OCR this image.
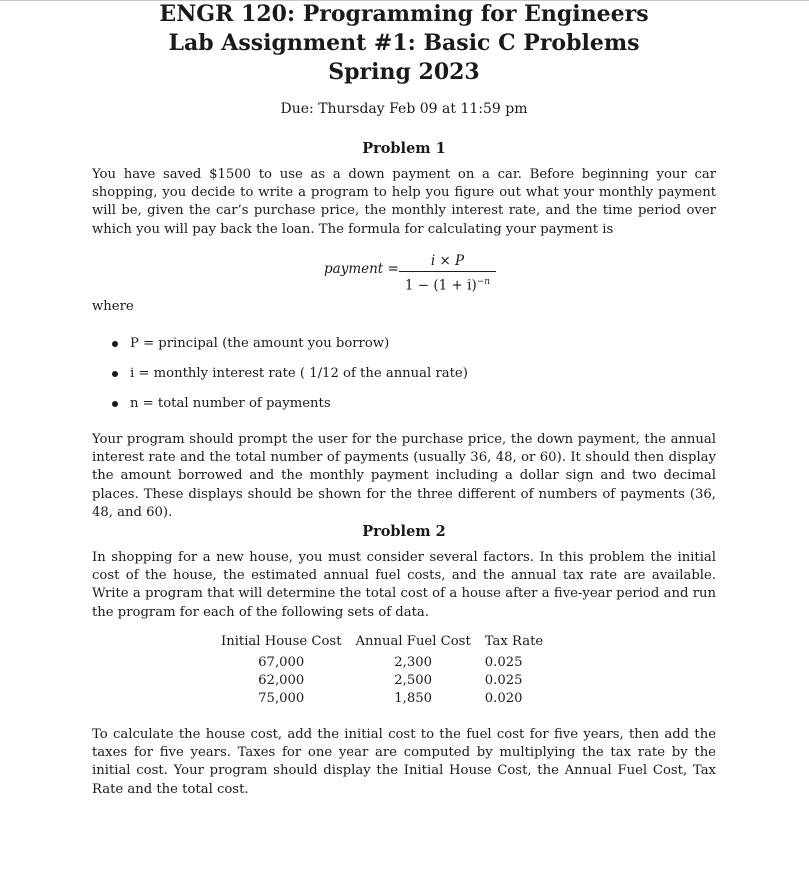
ENGR 120: Programming for Engineers

Lab Assignment #1: Basic C Problems

Spring 2023

Due: Thursday Feb 09 at 11:59 pm
Problem 1

You have saved $1500 to use as a down payment on a car. Before beginning your car shopping, you decide to write a program to help you figure out what your monthly payment will be, given the car’s purchase price, the monthly interest rate, and the time period over which you will pay back the loan. The formula for calculating your payment is

payment =	i × P
$1 - (1 + i)^{-n}$
where
P = principal (the amount you borrow)
i = monthly interest rate ( 1/12 of the annual rate)
n = total number of payments

Your program should prompt the user for the purchase price, the down payment, the annual interest rate and the total number of payments (usually 36, 48, or 60). It should then display the amount borrowed and the monthly payment including a dollar sign and two decimal places. These displays should be shown for the three different of numbers of payments (36, 48, and 60).

Problem 2

In shopping for a new house, you must consider several factors. In this problem the initial cost of the house, the estimated annual fuel costs, and the annual tax rate are available. Write a program that will determine the total cost of a house after a five-year period and run the program for each of the following sets of data.

Initial House Cost	Annual Fuel Cost	Tax Rate
67,000	2,300	0.025
62,000	2,500	0.025
75,000	1,850	0.020

To calculate the house cost, add the initial cost to the fuel cost for five years, then add the taxes for five years. Taxes for one year are computed by multiplying the tax rate by the initial cost. Your program should display the Initial House Cost, the Annual Fuel Cost, Tax Rate and the total cost.
